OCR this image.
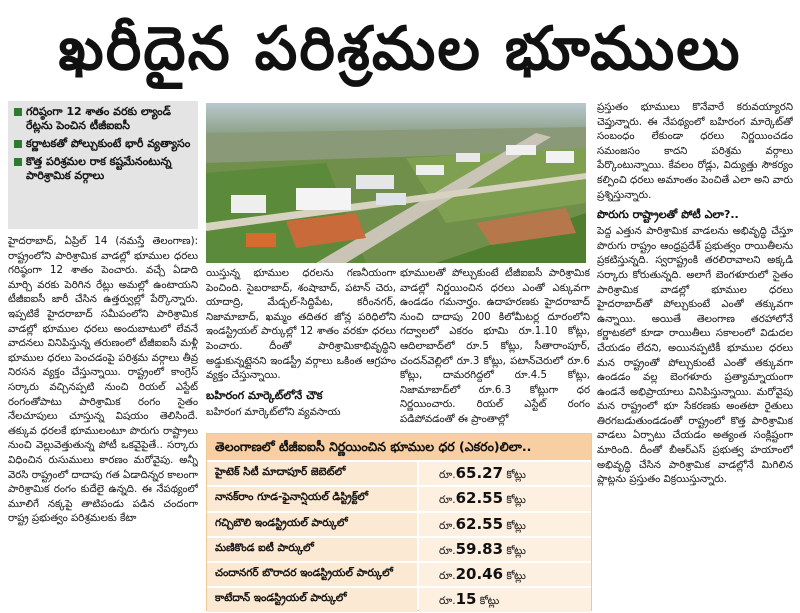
ఖరీదైన పరిశ్రమల భూములు
గరిష్ఠంగా 12 శాతం వరకు ల్యాండ్ రేట్లను పెంచిన టీజీఐఐసీ
కర్ణాటకతో పోల్చుకుంటే భారీ వ్యత్యాసం
కొత్త పరిశ్రమల రాక కష్టమేనంటున్న పారిశ్రామిక వర్గాలు

హైదరాబాద్, ఏప్రిల్ 14 (నమస్తే తెలంగాణ): రాష్ట్రంలోని పారిశ్రామిక వాడల్లో భూముల ధరలు గరిష్ఠంగా 12 శాతం పెంచారు. వచ్చే ఏడాది మార్చి వరకు పెరిగిన రేట్లు అమల్లో ఉంటాయని టీజీఐఐసీ జారీ చేసిన ఉత్తర్వుల్లో పేర్కొన్నారు. ఇప్పటికే హైదరాబాద్ సమీపంలోని పారిశ్రామిక వాడల్లో భూముల ధరలు అందుబాటులో లేవనే వాదనలు వినిపిస్తున్న తరుణంలో టీజీఐఐసీ మళ్లీ భూముల ధరలు పెంచడంపై పరిశ్రమ వర్గాలు తీవ్ర నిరసన వ్యక్తం చేస్తున్నాయి. రాష్ట్రంలో కాంగ్రెస్ సర్కారు వచ్చినప్పటి నుంచి రియల్ ఎస్టేట్ రంగంతోపాటు పారిశ్రామిక రంగం సైతం నేలచూపులు చూస్తున్న విషయం తెలిసిందే. తక్కువ ధరలకే భూములంటూ పొరుగు రాష్ట్రాలు నుంచి వెల్లువెత్తుతున్న పోటీ ఒకవైపైతే.. సర్కారు విధించిన రుసుములు కారణం మరోవైపు. అన్నీ వెరసి రాష్ట్రంలో దాదాపు గత ఏడాదిన్నర కాలంగా పారిశ్రామిక రంగం కుదేలై ఉన్నది. ఈ నేపథ్యంలో మూలిగే నక్కపై తాటిపండు పడిన చందంగా రాష్ట్ర ప్రభుత్వం పరిశ్రమలకు కేటా

యిస్తున్న భూముల ధరలను గణనీయంగా పెంచింది. సైబరాబాద్, శంషాబాద్, పటాన్ చెరు, యాదాద్రి, మేడ్చల్-సిద్దిపేట, కరీంనగర్, నిజామాబాద్, ఖమ్మం తదితర జోన్ల పరిధిలోని ఇండస్ట్రియల్ పార్కుల్లో 12 శాతం వరకూ ధరలు పెంచారు. దీంతో పారిశ్రామికాభివృద్ధిని అడ్డుకున్నట్లైనని ఇండస్ట్రీ వర్గాలు ఒకింత ఆగ్రహం వ్యక్తం చేస్తున్నాయి.

బహిరంగ మార్కెట్‌లోనే చౌక

బహిరంగ మార్కెట్‌లోని వ్యవసాయ

భూములతో పోల్చుకుంటే టీజీఐఐసీ పారిశ్రామిక వాడల్లో నిర్ణయించిన ధరలు ఎంతో ఎక్కువగా ఉండడం గమనార్హం. ఉదాహరణకు హైదరాబాద్ నుంచి దాదాపు 200 కిలోమీటర్ల దూరంలోని గద్వాలలో ఎకరం భూమి రూ.1.10 కోట్లు, ఆదిలాబాద్‌లో రూ.5 కోట్లు, సీతారాంపూర్, చందన్‌వెల్లిలో రూ.3 కోట్లు, పటాన్‌చెరులో రూ.6 కోట్లు, దామరగిద్దలో రూ.4.5 కోట్లు, నిజామాబాద్‌లో రూ.6.3 కోట్లుగా ధర నిర్ణయించారు. రియల్ ఎస్టేట్ రంగం పడిపోవడంతో ఈ ప్రాంతాల్లో

ప్రస్తుతం భూములు కొనేవారే కరువయ్యారని చెప్తున్నారు. ఈ నేపథ్యంలో బహిరంగ మార్కెట్‌తో సంబంధం లేకుండా ధరలు నిర్ణయించడం సమంజసం కాదని పరిశ్రమ వర్గాలు పేర్కొంటున్నాయి. కేవలం రోడ్లు, విద్యుత్తు సౌకర్యం కల్పించి ధరలు అమాంతం పెంచితే ఎలా అని వారు ప్రశ్నిస్తున్నారు.

పొరుగు రాష్ట్రాలతో పోటీ ఎలా?..

పెద్ద ఎత్తున పారిశ్రామిక వాడలను అభివృద్ధి చేస్తూ పొరుగు రాష్ట్రం ఆంధ్రప్రదేశ్ ప్రభుత్వం రాయితీలను ప్రకటిస్తున్నది. స్వరాష్ట్రంకి తరలిరావాలని అక్కడి సర్కారు కోరుతున్నది. అలాగే బెంగళూరులో సైతం పారిశ్రామిక వాడల్లో భూముల ధరలు హైదరాబాద్‌తో పోల్చుకుంటే ఎంతో తక్కువగా ఉన్నాయి. అయితే తెలంగాణ తరహాలోనే కర్ణాటకలో కూడా రాయితీలు సకాలంలో విడుదల చేయడం లేదని, అయినప్పటికీ భూముల ధరలు మన రాష్ట్రంతో పోల్చుకుంటే ఎంతో తక్కువగా ఉండడం వల్ల బెంగళూరు ప్రత్యామ్నాయంగా ఉండనే అభిప్రాయాలు వినిపిస్తున్నాయి. మరోవైపు మన రాష్ట్రంలో భూ సేకరణకు అంతటా రైతులు తిరగబడుతుండడంతో రాష్ట్రంలో కొత్త పారిశ్రామిక వాడలు ఏర్పాటు చేయడం అత్యంత సంక్లిష్టంగా మారింది. దీంతో బీఆర్ఎస్ ప్రభుత్వ హయాంలో అభివృద్ధి చేసిన పారిశ్రామిక వాడల్లోనే మిగిలిన ప్లాట్లను ప్రస్తుతం విక్రయిస్తున్నారు.

తెలంగాణలో టీజీఐఐసీ నిర్ణయించిన భూముల ధర (ఎకరం)లిలా..
హైటెక్ సిటీ మాదాపూర్ జెబెట్‌లో	రూ.65.27 కోట్లు
నానక్‌రాం గూడ-ఫైనాన్షియల్ డిస్ట్రిక్ట్‌లో	రూ.62.55 కోట్లు
గచ్చిబౌలి ఇండస్ట్రియల్ పార్కులో	రూ.62.55 కోట్లు
మణికొండ ఐటీ పార్కులో	రూ.59.83 కోట్లు
చందానగర్ బొరాదర ఇండస్ట్రియల్ పార్కులో	రూ.20.46 కోట్లు
కాటేదాన్ ఇండస్ట్రియల్ పార్కులో	రూ.15 కోట్లు
